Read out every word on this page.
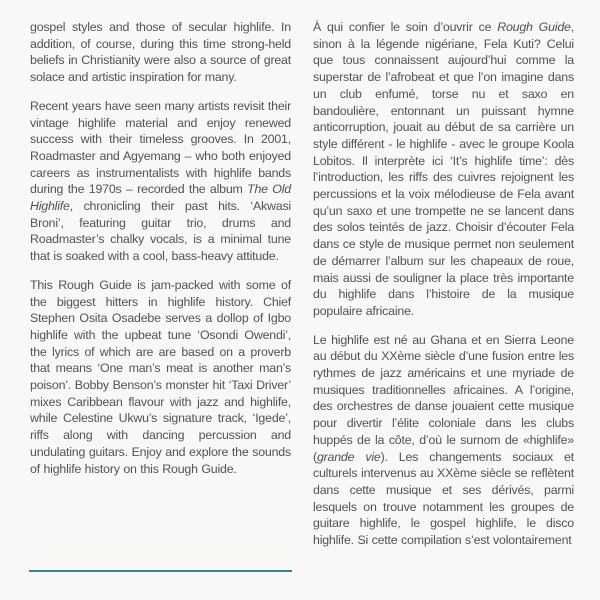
gospel styles and those of secular highlife. In addition, of course, during this time strong-held beliefs in Christianity were also a source of great solace and artistic inspiration for many.

Recent years have seen many artists revisit their vintage highlife material and enjoy renewed success with their timeless grooves. In 2001, Roadmaster and Agyemang – who both enjoyed careers as instrumentalists with highlife bands during the 1970s – recorded the album The Old Highlife, chronicling their past hits. ‘Akwasi Broni’, featuring guitar trio, drums and Roadmaster’s chalky vocals, is a minimal tune that is soaked with a cool, bass-heavy attitude.

This Rough Guide is jam-packed with some of the biggest hitters in highlife history. Chief Stephen Osita Osadebe serves a dollop of Igbo highlife with the upbeat tune ‘Osondi Owendi’, the lyrics of which are are based on a proverb that means ‘One man’s meat is another man’s poison’. Bobby Benson’s monster hit ‘Taxi Driver’ mixes Caribbean flavour with jazz and highlife, while Celestine Ukwu’s signature track, ‘Igede’, riffs along with dancing percussion and undulating guitars. Enjoy and explore the sounds of highlife history on this Rough Guide.

À qui confier le soin d’ouvrir ce Rough Guide, sinon à la légende nigériane, Fela Kuti? Celui que tous connaissent aujourd’hui comme la superstar de l’afrobeat et que l’on imagine dans un club enfumé, torse nu et saxo en bandoulière, entonnant un puissant hymne anticorruption, jouait au début de sa carrière un style différent - le highlife - avec le groupe Koola Lobitos. Il interprète ici ‘It’s highlife time’: dès l’introduction, les riffs des cuivres rejoignent les percussions et la voix mélodieuse de Fela avant qu’un saxo et une trompette ne se lancent dans des solos teintés de jazz. Choisir d’écouter Fela dans ce style de musique permet non seulement de démarrer l’album sur les chapeaux de roue, mais aussi de souligner la place très importante du highlife dans l’histoire de la musique populaire africaine.

Le highlife est né au Ghana et en Sierra Leone au début du XXème siècle d’une fusion entre les rythmes de jazz américains et une myriade de musiques traditionnelles africaines. A l’origine, des orchestres de danse jouaient cette musique pour divertir l’élite coloniale dans les clubs huppés de la côte, d’où le surnom de «highlife» (grande vie). Les changements sociaux et culturels intervenus au XXème siècle se reflètent dans cette musique et ses dérivés, parmi lesquels on trouve notamment les groupes de guitare highlife, le gospel highlife, le disco highlife. Si cette compilation s’est volontairement
